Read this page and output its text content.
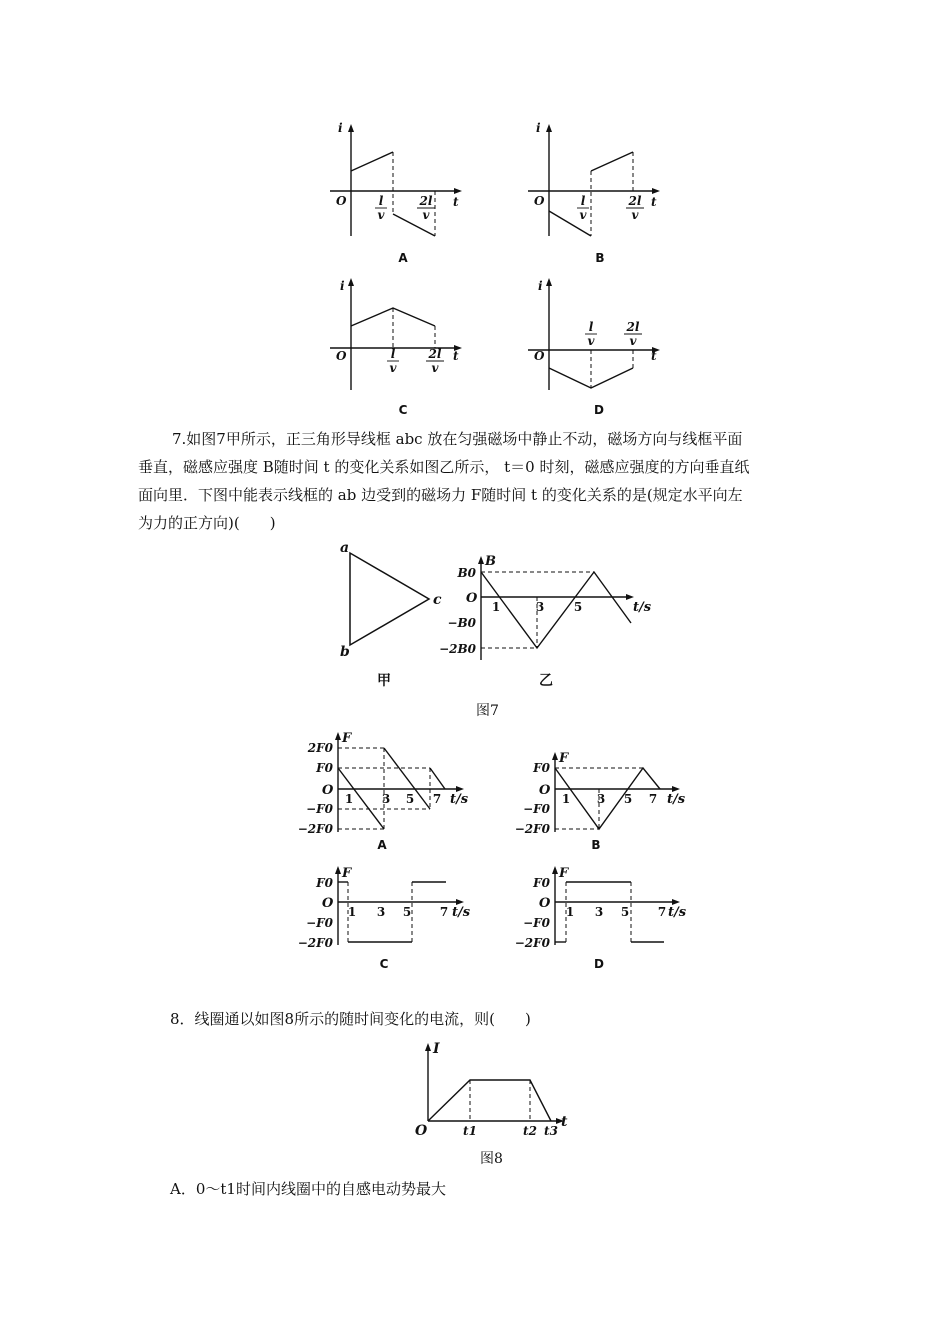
i
O	t
l
v
2l
v
A
i
O	t
l
v
2l
v
B
i
O	t
l
v
2l
v
C
i
O	t
l
v
2l
v
D

7.如图7甲所示，正三角形导线框 abc 放在匀强磁场中静止不动，磁场方向与线框平面
垂直，磁感应强度 B随时间 t 的变化关系如图乙所示， t＝0 时刻，磁感应强度的方向垂直纸
面向里．下图中能表示线框的 ab 边受到的磁场力 F随时间 t 的变化关系的是(规定水平向左
为力的正方向)(　　)

a
b
c
甲
B
O
t/s
B0
−B0
−2B0
1	3 5
乙
图7
F
O
t/s
2F0
F0
−F0
−2F0
1 3 5 7
A
F
O
t/s
F0
−F0
−2F0
1 3 5 7
B
F
O
t/s
F0
−F0
−2F0
1 3 5 7
C
F
O
t/s
F0
−F0
−2F0
1 3 5 7
D
8．线圈通以如图8所示的随时间变化的电流，则(　　)
I
O
t
t1	t2 t3
图8
A．0～t1时间内线圈中的自感电动势最大
